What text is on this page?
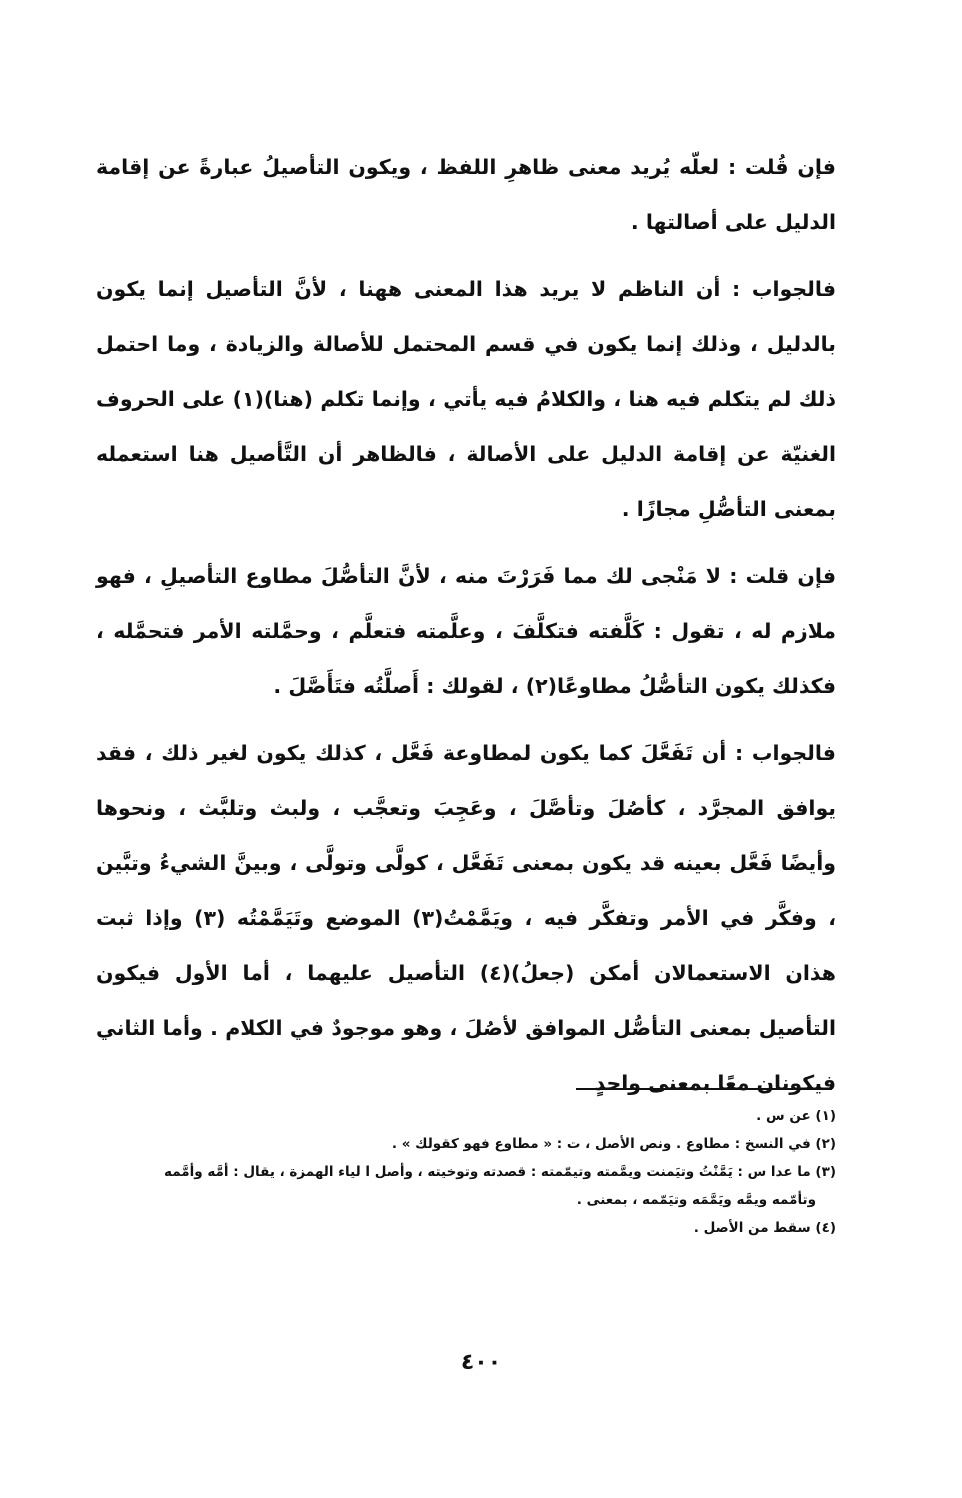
فإن قُلت : لعلّه يُريد معنى ظاهرِ اللفظ ، ويكون التأصيلُ عبارةً عن إقامة الدليل على أصالتها .

فالجواب : أن الناظم لا يريد هذا المعنى ههنا ، لأنَّ التأصيل إنما يكون بالدليل ، وذلك إنما يكون في قسم المحتمل للأصالة والزيادة ، وما احتمل ذلك لم يتكلم فيه هنا ، والكلامُ فيه يأتي ، وإنما تكلم (هنا)(١) على الحروف الغنيّة عن إقامة الدليل على الأصالة ، فالظاهر أن التَّأصيل هنا استعمله بمعنى التأصُّلِ مجازًا .

فإن قلت : لا مَنْجى لك مما فَرَرْتَ منه ، لأنَّ التأصُّلَ مطاوع التأصيلِ ، فهو ملازم له ، تقول : كَلَّفته فتكلَّفَ ، وعلَّمته فتعلَّم ، وحمَّلته الأمر فتحمَّله ، فكذلك يكون التأصُّلُ مطاوعًا(٢) ، لقولك : أَصلَّتُه فتَأَصَّلَ .

فالجواب : أن تَفَعَّلَ كما يكون لمطاوعة فَعَّل ، كذلك يكون لغير ذلك ، فقد يوافق المجرَّد ، كأصُلَ وتأصَّلَ ، وعَجِبَ وتعجَّب ، ولبث وتلبَّث ، ونحوها وأيضًا فَعَّل بعينه قد يكون بمعنى تَفَعَّل ، كولَّى وتولَّى ، وبينَّ الشيءُ وتبَّين ، وفكَّر في الأمر وتفكَّر فيه ، ويَمَّمْتُ(٣) الموضع وتَيَمَّمْتُه (٣) وإذا ثبت هذان الاستعمالان أمكن (جعلُ)(٤) التأصيل عليهما ، أما الأول فيكون التأصيل بمعنى التأصُّل الموافق لأصُلَ ، وهو موجودٌ في الكلام . وأما الثاني فيكونان معًا بمعنى واحدٍ

(١) عن س .

(٢) في النسخ : مطاوع . ونص الأصل ، ت : « مطاوع فهو كقولك » .

(٣) ما عدا س : يَمَّنْتُ وتيَمنت ويمَّمته وتيمّمته : قصدته وتوخيته ، وأصل ا لياء الهمزة ، يقال : أمَّه وأمَّمه

وتأمّمه ويمَّه ويَمَّمَه وتيَمّمه ، بمعنى .

(٤) سقط من الأصل .

٤٠٠
